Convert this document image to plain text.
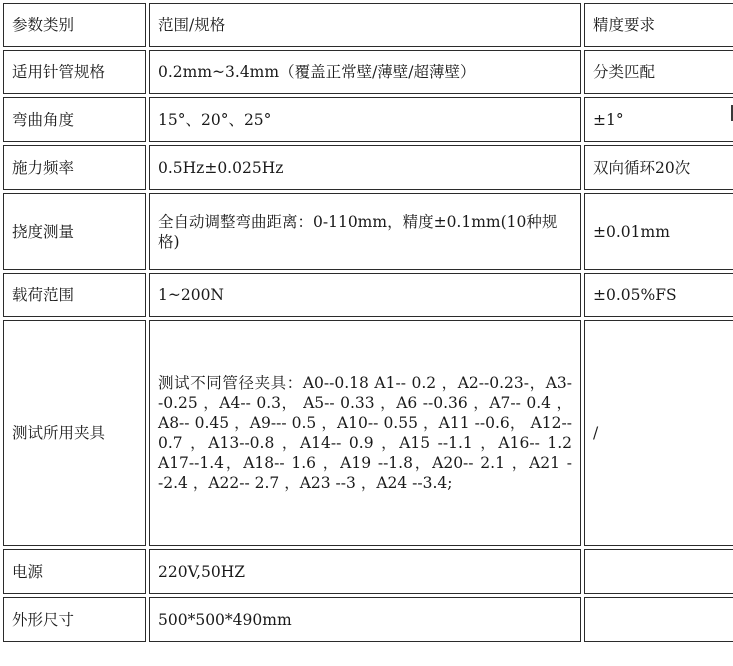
参数类别	范围/规格	精度要求
适用针管规格	0.2mm~3.4mm（覆盖正常壁/薄壁/超薄壁）	分类匹配
弯曲角度	15°、20°、25°	±1°
施力频率	0.5Hz±0.025Hz	双向循环20次
挠度测量	全自动调整弯曲距离：0-110mm，精度±0.1mm(10种规格)	±0.01mm
载荷范围	1~200N	±0.05%FS
测试所用夹具	测试不同管径夹具：A0--0.18 A1-- 0.2 ，A2--0.23-，A3- -0.25 ，A4-- 0.3， A5-- 0.33 ，A6 --0.36 ，A7-- 0.4 ，A8-- 0.45 ，A9--- 0.5 ，A10-- 0.55 ，A11 --0.6， A12-- 0.7 ，A13--0.8 ，A14-- 0.9 ，A15 --1.1 ，A16-- 1.2 A17--1.4，A18-- 1.6 ，A19 --1.8，A20-- 2.1 ，A21 --2.4 ，A22-- 2.7 ，A23 --3 ，A24 --3.4;	/
电源	220V,50HZ	
外形尺寸	500*500*490mm	
